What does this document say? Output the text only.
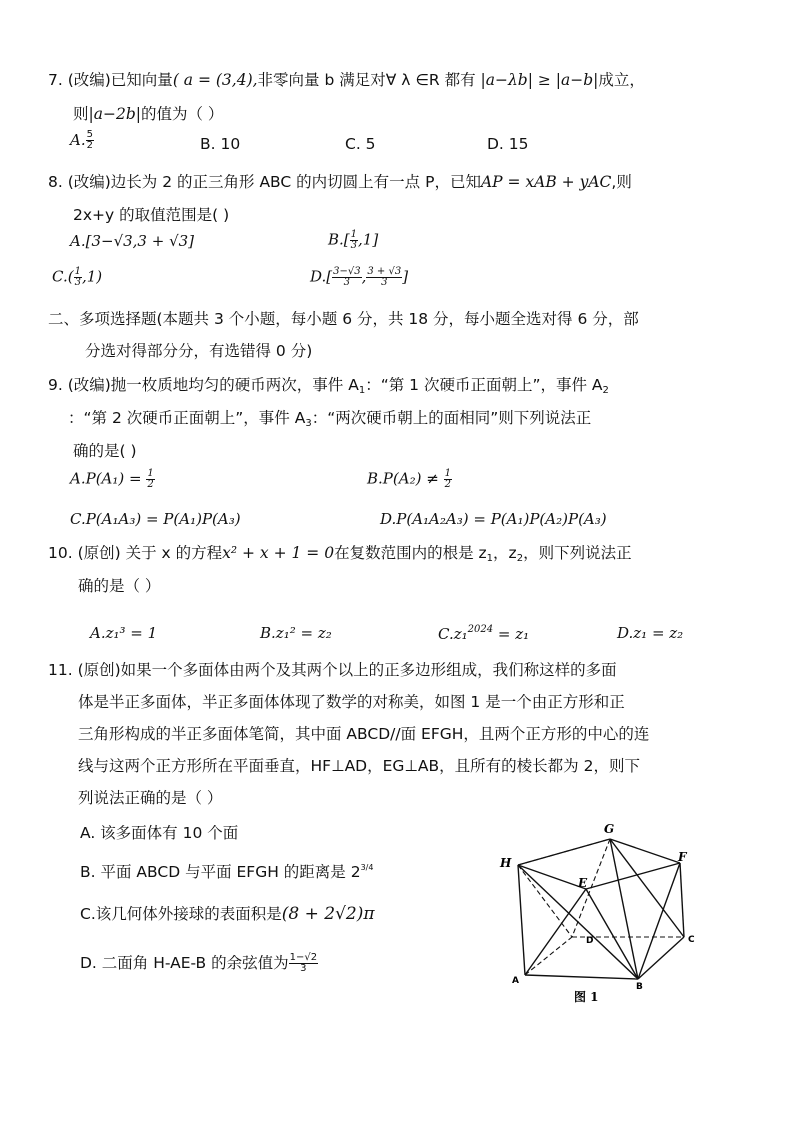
7. (改编)已知向量( a = (3,4),非零向量 b 满足对∀ λ ∈R 都有 |a−λb| ≥ |a−b|成立，
则|a−2b|的值为（ ）
A. $\frac{5}{2}$	B. 10	C. 5	D. 15
8. (改编)边长为 2 的正三角形 ABC 的内切圆上有一点 P，已知AP = xAB + yAC,则
2x+y 的取值范围是( )
A.[3−√3,3 + √3]	$B.[ \frac{1}{3} ,1]$
$C.( \frac{1}{3} ,1)$	$D.[ \frac{3-√3}{3}$ , $\frac{3 + √3}{3}$ ]
二、多项选择题(本题共 3 个小题，每小题 6 分，共 18 分，每小题全选对得 6 分，部
分选对得部分分，有选错得 0 分)
9. (改编)抛一枚质地均匀的硬币两次，事件 $A_1$：“第 1 次硬币正面朝上”，事件 $A_2$
：“第 2 次硬币正面朝上”，事件 $A_3$：“两次硬币朝上的面相同”则下列说法正
确的是( )
$A.P(A_1) = \frac{1}{2}$	$B.P(A_2) \ne \frac{1}{2}$
C.P(A₁A₃) = P(A₁)P(A₃)	D.P(A₁A₂A₃) = P(A₁)P(A₂)P(A₃)
10. (原创) 关于 x 的方程x² + x + 1 = 0在复数范围内的根是 $z_1$，$z_2$，则下列说法正
确的是（ ）
A.z₁³ = 1	B.z₁² = z₂	C.z₁$^{2024}$ = z₁	D.z₁ = z₂
11. (原创)如果一个多面体由两个及其两个以上的正多边形组成，我们称这样的多面
体是半正多面体，半正多面体体现了数学的对称美，如图 1 是一个由正方形和正
三角形构成的半正多面体笔简，其中面 ABCD//面 EFGH，且两个正方形的中心的连
线与这两个正方形所在平面垂直，HF⊥AD，EG⊥AB，且所有的棱长都为 2，则下
列说法正确的是（ ）
A. 该多面体有 10 个面
B. 平面 ABCD 与平面 EFGH 的距离是 $2^{3/4}$
C.该几何体外接球的表面积是(8 + 2√2)π
D. 二面角 H-AE-B 的余弦值为 $\frac{1-√2}{3}$
G
H	F
E
D	C
A
B
图 1
